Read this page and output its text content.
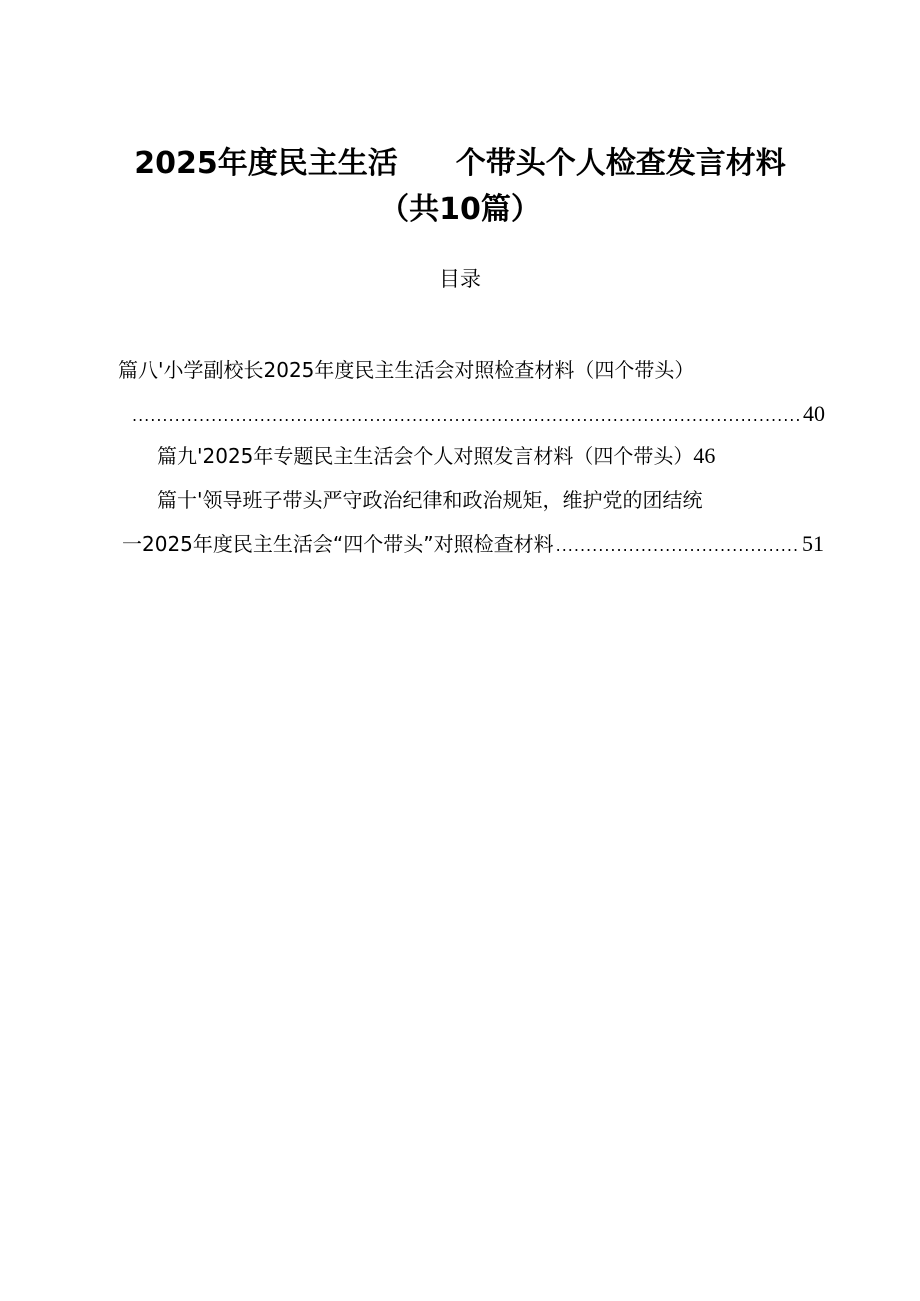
2025年度民主生活 个带头个人检查发言材料
（共10篇）
目录
篇八'小学副校长2025年度民主生活会对照检查材料（四个带头）
.....
40
篇九'2025年专题民主生活会个人对照发言材料（四个带头）46
篇十'领导班子带头严守政治纪律和政治规矩，维护党的团结统
一2025年度民主生活会“四个带头”对照检查材料
.....	51
